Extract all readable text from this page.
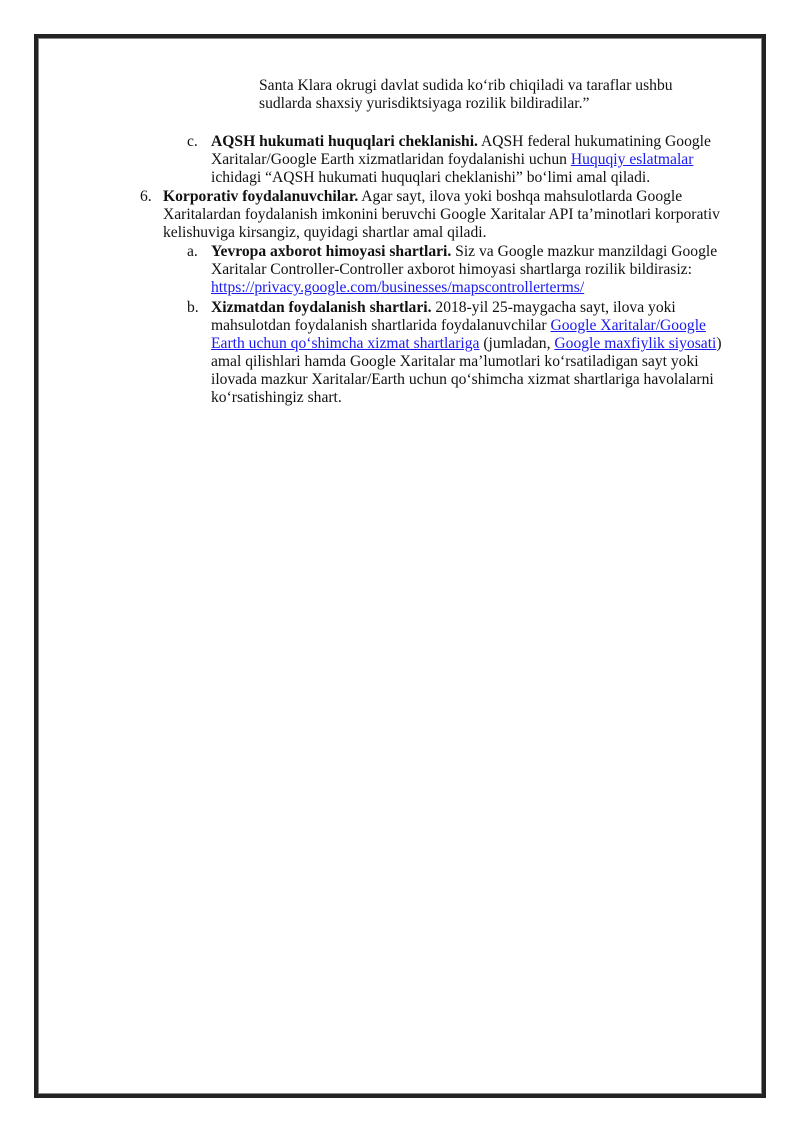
Santa Klara okrugi davlat sudida ko‘rib chiqiladi va taraflar ushbu
sudlarda shaxsiy yurisdiktsiyaga rozilik bildiradilar.”
c. AQSH hukumati huquqlari cheklanishi. AQSH federal hukumatining Google
Xaritalar/Google Earth xizmatlaridan foydalanishi uchun Huquqiy eslatmalar
ichidagi “AQSH hukumati huquqlari cheklanishi” bo‘limi amal qiladi.
6. Korporativ foydalanuvchilar. Agar sayt, ilova yoki boshqa mahsulotlarda Google
Xaritalardan foydalanish imkonini beruvchi Google Xaritalar API ta’minotlari korporativ
kelishuviga kirsangiz, quyidagi shartlar amal qiladi.
a. Yevropa axborot himoyasi shartlari. Siz va Google mazkur manzildagi Google
Xaritalar Controller-Controller axborot himoyasi shartlarga rozilik bildirasiz:
https://privacy.google.com/businesses/mapscontrollerterms/
b. Xizmatdan foydalanish shartlari. 2018-yil 25-maygacha sayt, ilova yoki
mahsulotdan foydalanish shartlarida foydalanuvchilar Google Xaritalar/Google
Earth uchun qo‘shimcha xizmat shartlariga (jumladan, Google maxfiylik siyosati)
amal qilishlari hamda Google Xaritalar ma’lumotlari ko‘rsatiladigan sayt yoki
ilovada mazkur Xaritalar/Earth uchun qo‘shimcha xizmat shartlariga havolalarni
ko‘rsatishingiz shart.
